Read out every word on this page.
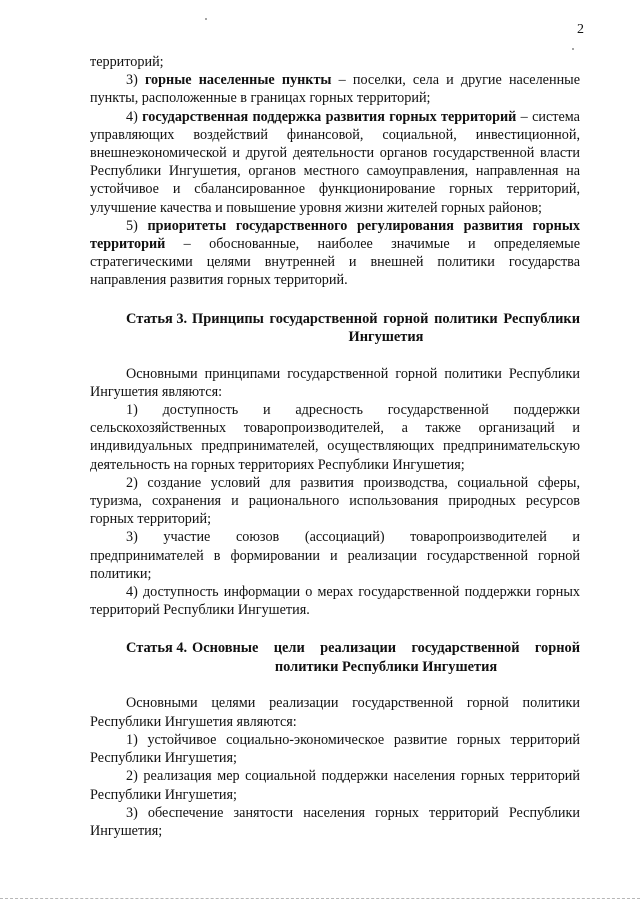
2

территорий;

3) горные населенные пункты – поселки, села и другие населенные пункты, расположенные в границах горных территорий;

4) государственная поддержка развития горных территорий – система управляющих воздействий финансовой, социальной, инвестиционной, внешнеэкономической и другой деятельности органов государственной власти Республики Ингушетия, органов местного самоуправления, направленная на устойчивое и сбалансированное функционирование горных территорий, улучшение качества и повышение уровня жизни жителей горных районов;

5) приоритеты государственного регулирования развития горных территорий – обоснованные, наиболее значимые и определяемые стратегическими целями внутренней и внешней политики государства направления развития горных территорий.

Статья 3. Принципы государственной горной политики Республики Ингушетия

Основными принципами государственной горной политики Республики Ингушетия являются:

1) доступность и адресность государственной поддержки сельскохозяйственных товаропроизводителей, а также организаций и индивидуальных предпринимателей, осуществляющих предпринимательскую деятельность на горных территориях Республики Ингушетия;

2) создание условий для развития производства, социальной сферы, туризма, сохранения и рационального использования природных ресурсов горных территорий;

3) участие союзов (ассоциаций) товаропроизводителей и предпринимателей в формировании и реализации государственной горной политики;

4) доступность информации о мерах государственной поддержки горных территорий Республики Ингушетия.

Статья 4. Основные цели реализации государственной горной политики Республики Ингушетия

Основными целями реализации государственной горной политики Республики Ингушетия являются:

1) устойчивое социально-экономическое развитие горных территорий Республики Ингушетия;

2) реализация мер социальной поддержки населения горных территорий Республики Ингушетия;

3) обеспечение занятости населения горных территорий Республики Ингушетия;
